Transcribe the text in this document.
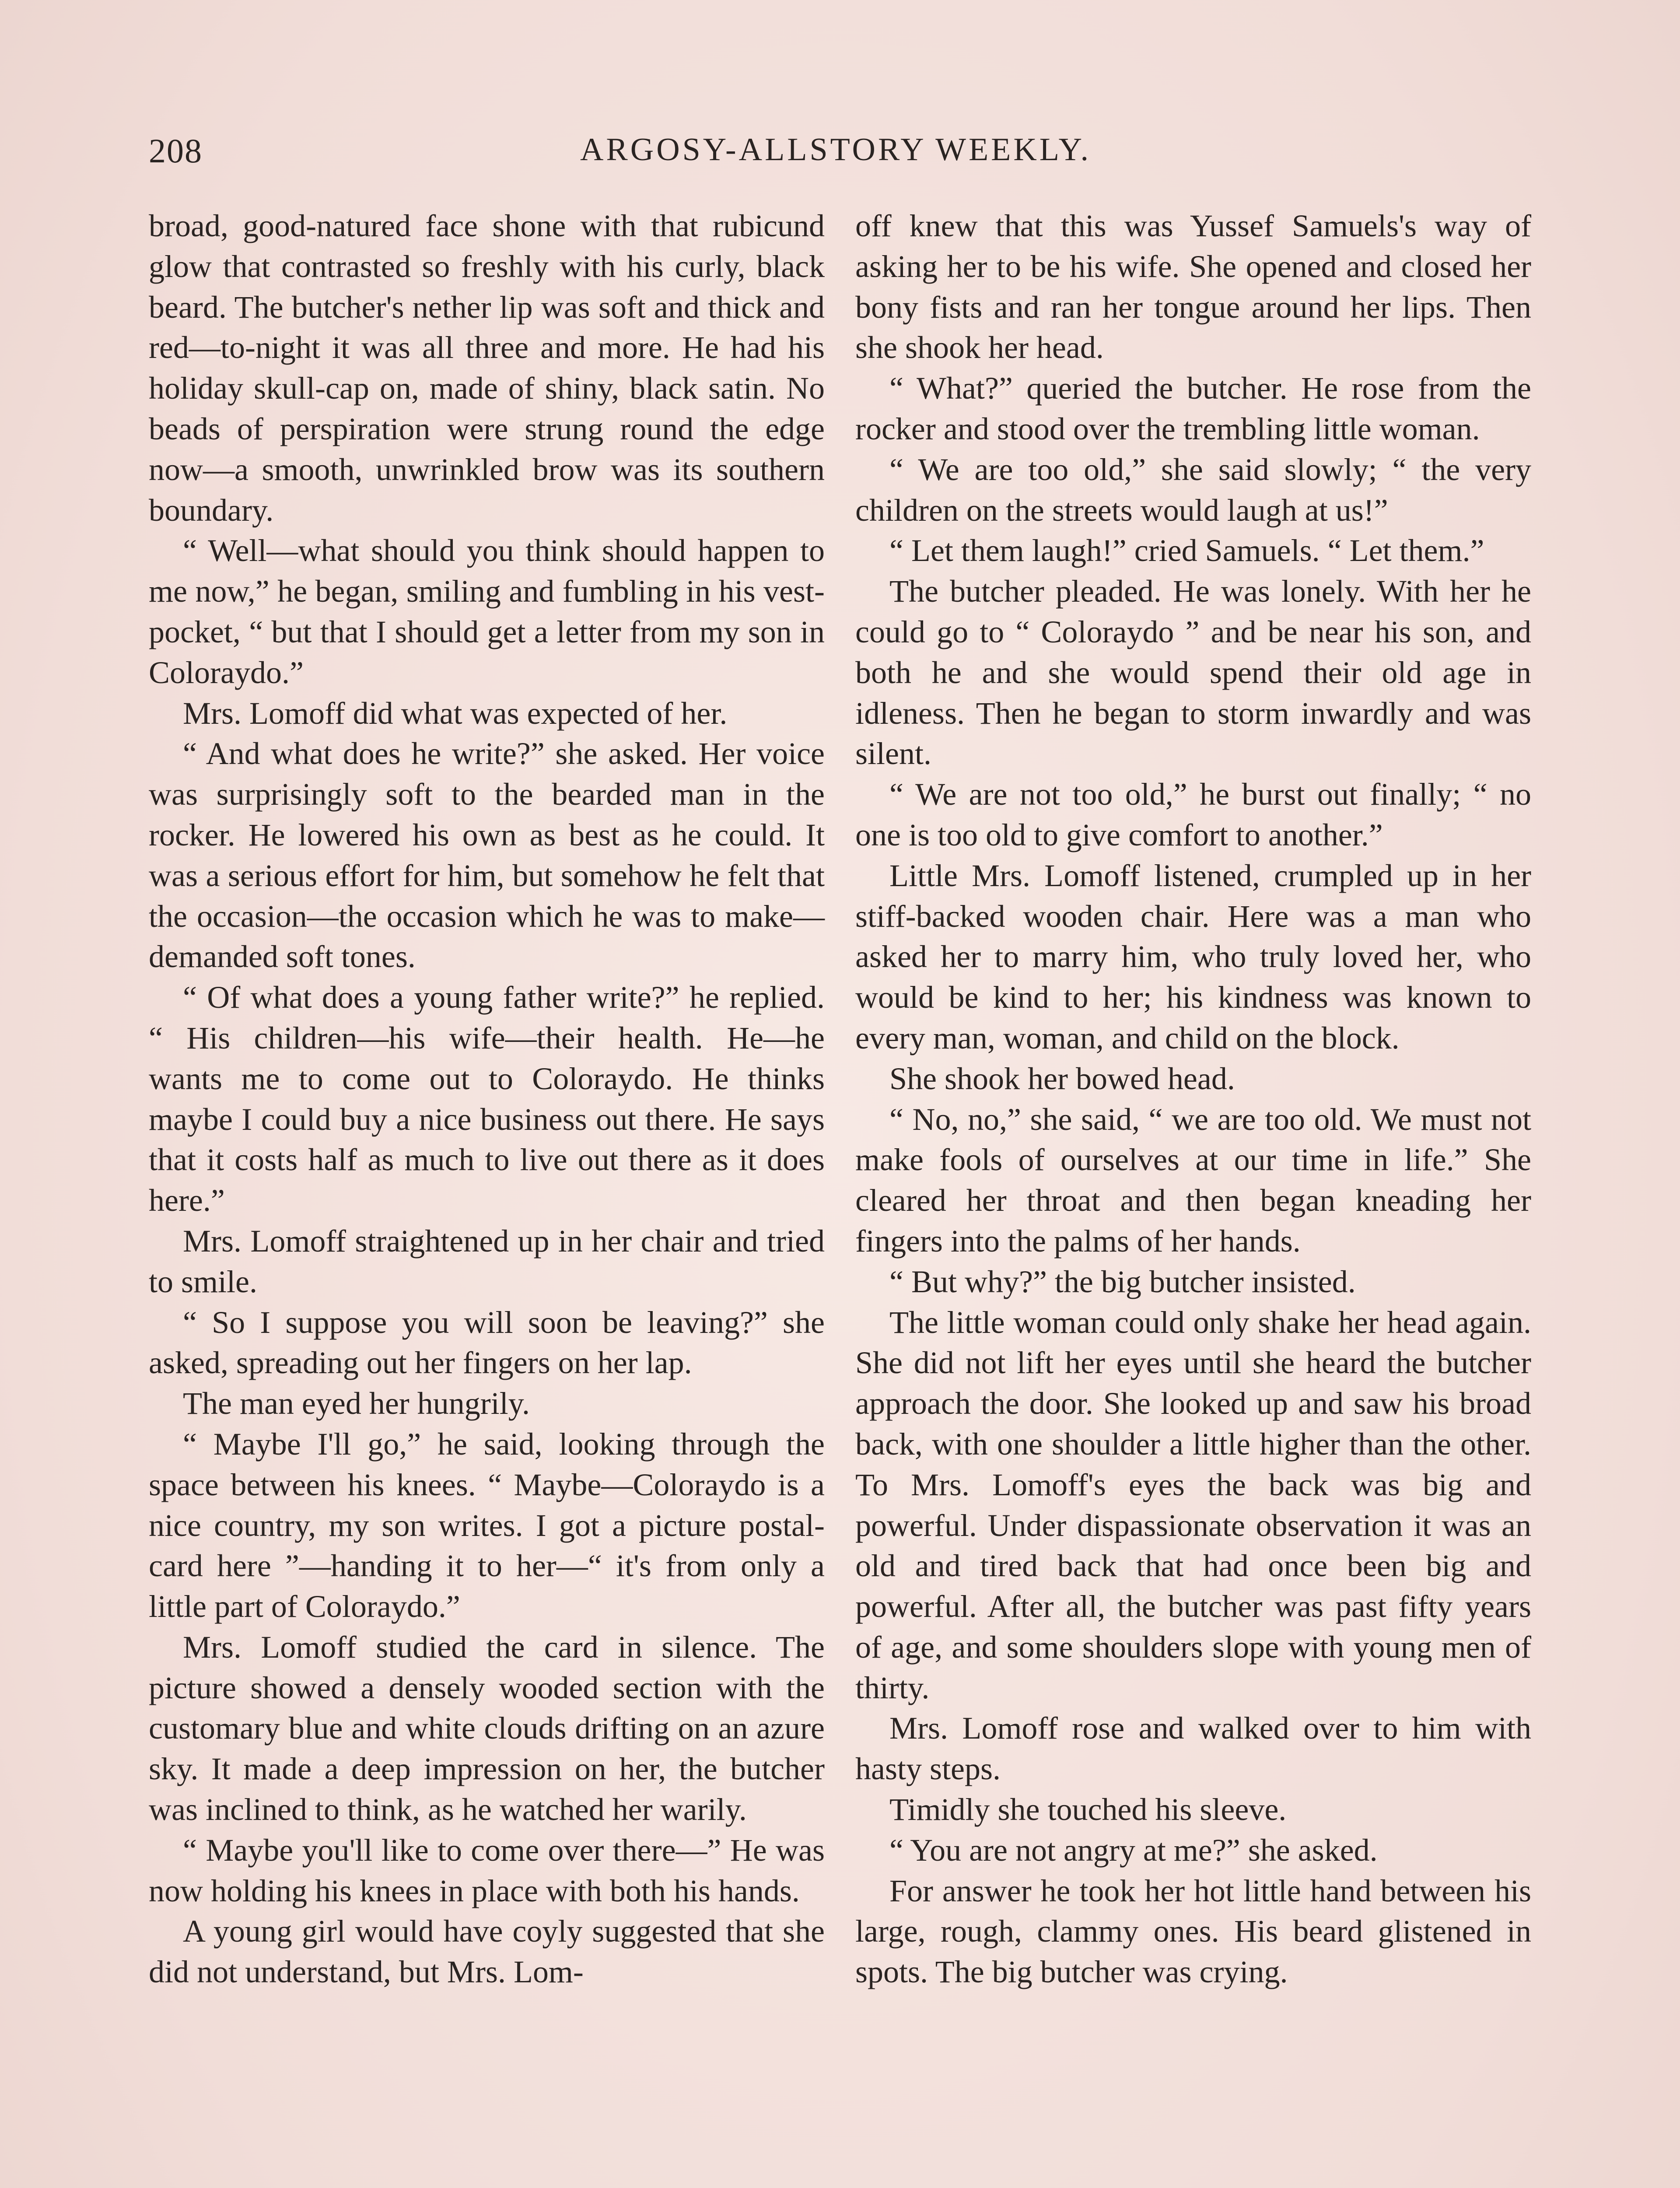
208	ARGOSY-ALLSTORY WEEKLY.

broad, good-natured face shone with that rubicund glow that contrasted so freshly with his curly, black beard. The butcher's nether lip was soft and thick and red—to-night it was all three and more. He had his holiday skull-cap on, made of shiny, black satin. No beads of perspiration were strung round the edge now—a smooth, unwrinkled brow was its southern boundary.

“ Well—what should you think should happen to me now,” he began, smiling and fumbling in his vest-pocket, “ but that I should get a letter from my son in Coloraydo.”

Mrs. Lomoff did what was expected of her.

“ And what does he write?” she asked. Her voice was surprisingly soft to the bearded man in the rocker. He lowered his own as best as he could. It was a serious effort for him, but somehow he felt that the occasion—the occasion which he was to make—demanded soft tones.

“ Of what does a young father write?” he replied. “ His children—his wife—their health. He—he wants me to come out to Coloraydo. He thinks maybe I could buy a nice business out there. He says that it costs half as much to live out there as it does here.”

Mrs. Lomoff straightened up in her chair and tried to smile.

“ So I suppose you will soon be leaving?” she asked, spreading out her fingers on her lap.

The man eyed her hungrily.

“ Maybe I'll go,” he said, looking through the space between his knees. “ Maybe—Coloraydo is a nice country, my son writes. I got a picture postal-card here ”—handing it to her—“ it's from only a little part of Coloraydo.”

Mrs. Lomoff studied the card in silence. The picture showed a densely wooded section with the customary blue and white clouds drifting on an azure sky. It made a deep impression on her, the butcher was inclined to think, as he watched her warily.

“ Maybe you'll like to come over there—” He was now holding his knees in place with both his hands.

A young girl would have coyly suggested that she did not understand, but Mrs. Lom-

off knew that this was Yussef Samuels's way of asking her to be his wife. She opened and closed her bony fists and ran her tongue around her lips. Then she shook her head.

“ What?” queried the butcher. He rose from the rocker and stood over the trembling little woman.

“ We are too old,” she said slowly; “ the very children on the streets would laugh at us!”

“ Let them laugh!” cried Samuels. “ Let them.”

The butcher pleaded. He was lonely. With her he could go to “ Coloraydo ” and be near his son, and both he and she would spend their old age in idleness. Then he began to storm inwardly and was silent.

“ We are not too old,” he burst out finally; “ no one is too old to give comfort to another.”

Little Mrs. Lomoff listened, crumpled up in her stiff-backed wooden chair. Here was a man who asked her to marry him, who truly loved her, who would be kind to her; his kindness was known to every man, woman, and child on the block.

She shook her bowed head.

“ No, no,” she said, “ we are too old. We must not make fools of ourselves at our time in life.” She cleared her throat and then began kneading her fingers into the palms of her hands.

“ But why?” the big butcher insisted.

The little woman could only shake her head again. She did not lift her eyes until she heard the butcher approach the door. She looked up and saw his broad back, with one shoulder a little higher than the other. To Mrs. Lomoff's eyes the back was big and powerful. Under dispassionate observation it was an old and tired back that had once been big and powerful. After all, the butcher was past fifty years of age, and some shoulders slope with young men of thirty.

Mrs. Lomoff rose and walked over to him with hasty steps.

Timidly she touched his sleeve.

“ You are not angry at me?” she asked.

For answer he took her hot little hand between his large, rough, clammy ones. His beard glistened in spots. The big butcher was crying.
